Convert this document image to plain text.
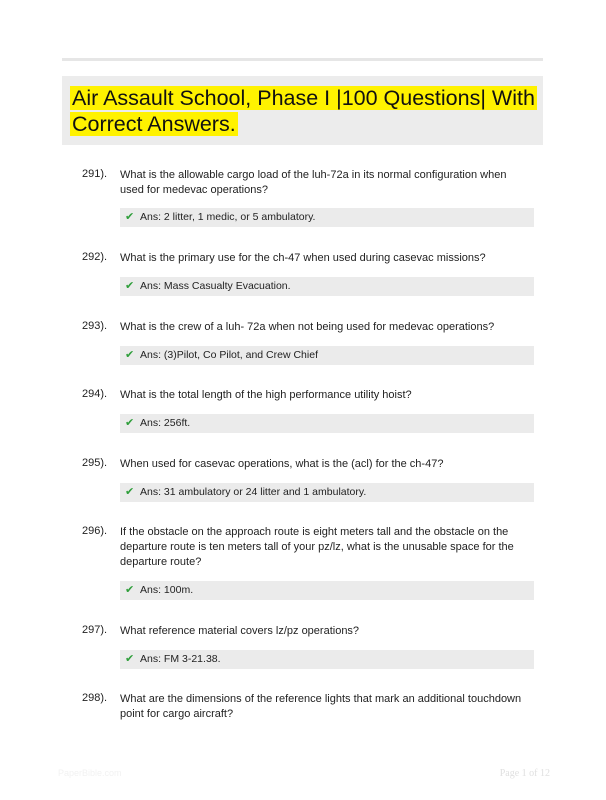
Air Assault School, Phase I |100 Questions| With Correct Answers.
291). What is the allowable cargo load of the luh-72a in its normal configuration when used for medevac operations?
✔ Ans: 2 litter, 1 medic, or 5 ambulatory.
292). What is the primary use for the ch-47 when used during casevac missions?
✔ Ans: Mass Casualty Evacuation.
293). What is the crew of a luh- 72a when not being used for medevac operations?
✔ Ans: (3)Pilot, Co Pilot, and Crew Chief
294). What is the total length of the high performance utility hoist?
✔ Ans: 256ft.
295). When used for casevac operations, what is the (acl) for the ch-47?
✔ Ans: 31 ambulatory or 24 litter and 1 ambulatory.
296). If the obstacle on the approach route is eight meters tall and the obstacle on the departure route is ten meters tall of your pz/lz, what is the unusable space for the departure route?
✔ Ans: 100m.
297). What reference material covers lz/pz operations?
✔ Ans: FM 3-21.38.
298). What are the dimensions of the reference lights that mark an additional touchdown point for cargo aircraft?
PaperBible.com	Page 1 of 12
